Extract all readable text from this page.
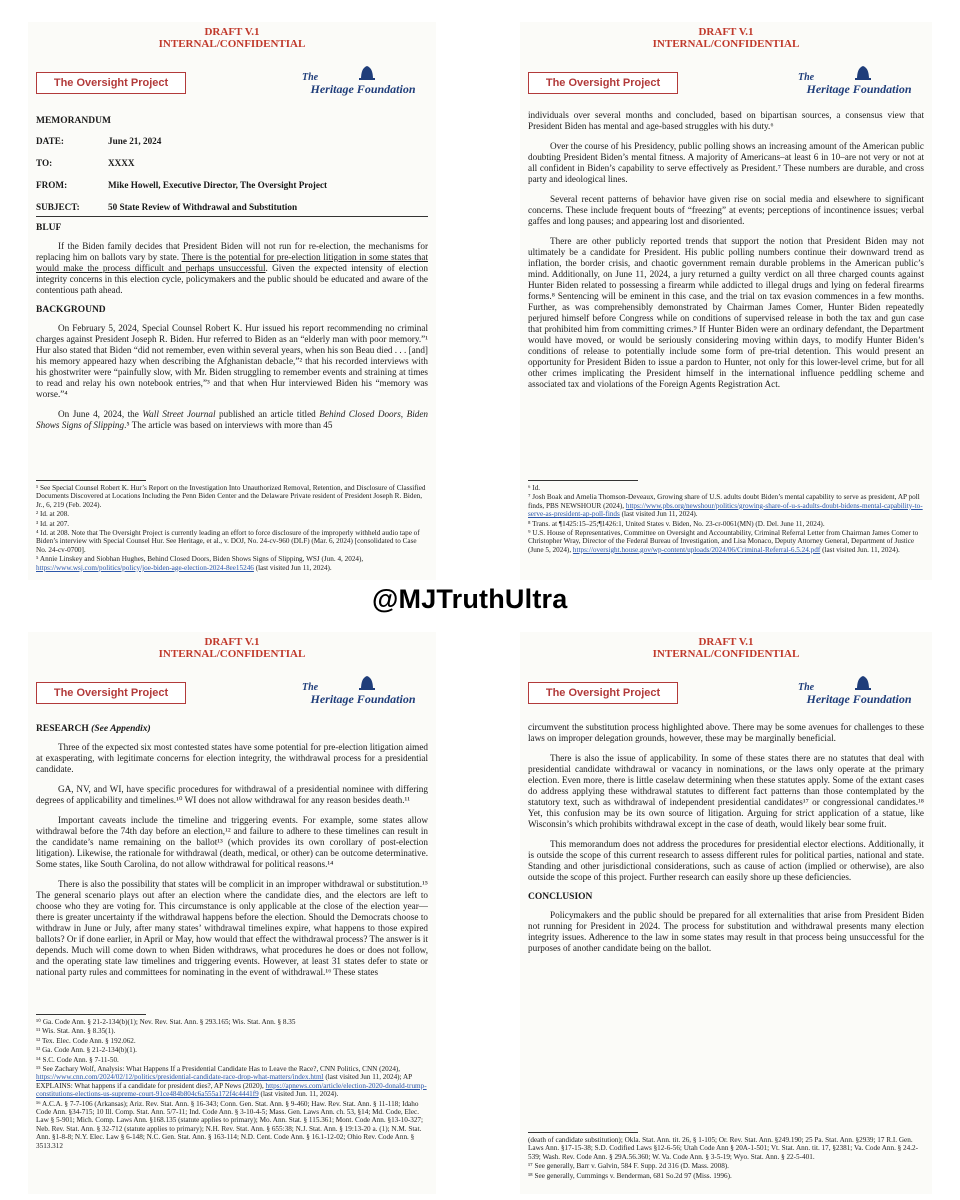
DRAFT V.1
INTERNAL/CONFIDENTIAL
The Oversight Project	The
Heritage Foundation
MEMORANDUM
DATE:	June 21, 2024
TO:	XXXX
FROM:	Mike Howell, Executive Director, The Oversight Project
SUBJECT:	50 State Review of Withdrawal and Substitution
BLUF

If the Biden family decides that President Biden will not run for re-election, the mechanisms for replacing him on ballots vary by state. There is the potential for pre-election litigation in some states that would make the process difficult and perhaps unsuccessful. Given the expected intensity of election integrity concerns in this election cycle, policymakers and the public should be educated and aware of the contentious path ahead.

BACKGROUND

On February 5, 2024, Special Counsel Robert K. Hur issued his report recommending no criminal charges against President Joseph R. Biden. Hur referred to Biden as an “elderly man with poor memory.”¹ Hur also stated that Biden “did not remember, even within several years, when his son Beau died . . . [and] his memory appeared hazy when describing the Afghanistan debacle,”² that his recorded interviews with his ghostwriter were “painfully slow, with Mr. Biden struggling to remember events and straining at times to read and relay his own notebook entries,”³ and that when Hur interviewed Biden his “memory was worse.”⁴

On June 4, 2024, the Wall Street Journal published an article titled Behind Closed Doors, Biden Shows Signs of Slipping.⁵ The article was based on interviews with more than 45

¹ See Special Counsel Robert K. Hur’s Report on the Investigation Into Unauthorized Removal, Retention, and Disclosure of Classified Documents Discovered at Locations Including the Penn Biden Center and the Delaware Private resident of President Joseph R. Biden, Jr., 6, 219 (Feb. 2024).
² Id. at 208.
³ Id. at 207.
⁴ Id. at 208. Note that The Oversight Project is currently leading an effort to force disclosure of the improperly withheld audio tape of Biden’s interview with Special Counsel Hur. See Heritage, et al., v. DOJ, No. 24-cv-960 (DLF) (Mar. 6, 2024) [consolidated to Case No. 24-cv-0700].
⁵ Annie Linskey and Siobhan Hughes, Behind Closed Doors, Biden Shows Signs of Slipping, WSJ (Jun. 4, 2024), https://www.wsj.com/politics/policy/joe-biden-age-election-2024-8ee15246 (last visited Jun 11, 2024).
DRAFT V.1
INTERNAL/CONFIDENTIAL
The Oversight Project	The
Heritage Foundation

individuals over several months and concluded, based on bipartisan sources, a consensus view that President Biden has mental and age-based struggles with his duty.⁶

Over the course of his Presidency, public polling shows an increasing amount of the American public doubting President Biden’s mental fitness. A majority of Americans–at least 6 in 10–are not very or not at all confident in Biden’s capability to serve effectively as President.⁷ These numbers are durable, and cross party and ideological lines.

Several recent patterns of behavior have given rise on social media and elsewhere to significant concerns. These include frequent bouts of “freezing” at events; perceptions of incontinence issues; verbal gaffes and long pauses; and appearing lost and disoriented.

There are other publicly reported trends that support the notion that President Biden may not ultimately be a candidate for President. His public polling numbers continue their downward trend as inflation, the border crisis, and chaotic government remain durable problems in the American public’s mind. Additionally, on June 11, 2024, a jury returned a guilty verdict on all three charged counts against Hunter Biden related to possessing a firearm while addicted to illegal drugs and lying on federal firearms forms.⁸ Sentencing will be eminent in this case, and the trial on tax evasion commences in a few months. Further, as was comprehensibly demonstrated by Chairman James Comer, Hunter Biden repeatedly perjured himself before Congress while on conditions of supervised release in both the tax and gun case that prohibited him from committing crimes.⁹ If Hunter Biden were an ordinary defendant, the Department would have moved, or would be seriously considering moving within days, to modify Hunter Biden’s conditions of release to potentially include some form of pre-trial detention. This would present an opportunity for President Biden to issue a pardon to Hunter, not only for this lower-level crime, but for all other crimes implicating the President himself in the international influence peddling scheme and associated tax and violations of the Foreign Agents Registration Act.

⁶ Id.
⁷ Josh Boak and Amelia Thomson-Deveaux, Growing share of U.S. adults doubt Biden’s mental capability to serve as president, AP poll finds, PBS NEWSHOUR (2024), https://www.pbs.org/newshour/politics/growing-share-of-u-s-adults-doubt-bidens-mental-capability-to-serve-as-president-ap-poll-finds (last visited Jun 11, 2024).
⁸ Trans. at ¶1425:15–25;¶1426:1, United States v. Biden, No. 23-cr-0061(MN) (D. Del. June 11, 2024).
⁹ U.S. House of Representatives, Committee on Oversight and Accountability, Criminal Referral Letter from Chairman James Comer to Christopher Wray, Director of the Federal Bureau of Investigation, and Lisa Monaco, Deputy Attorney General, Department of Justice (June 5, 2024), https://oversight.house.gov/wp-content/uploads/2024/06/Criminal-Referral-6.5.24.pdf (last visited Jun. 11, 2024).
@MJTruthUltra
DRAFT V.1
INTERNAL/CONFIDENTIAL
The Oversight Project	The
Heritage Foundation
RESEARCH (See Appendix)

Three of the expected six most contested states have some potential for pre-election litigation aimed at exasperating, with legitimate concerns for election integrity, the withdrawal process for a presidential candidate.

GA, NV, and WI, have specific procedures for withdrawal of a presidential nominee with differing degrees of applicability and timelines.¹⁰ WI does not allow withdrawal for any reason besides death.¹¹

Important caveats include the timeline and triggering events. For example, some states allow withdrawal before the 74th day before an election,¹² and failure to adhere to these timelines can result in the candidate’s name remaining on the ballot¹³ (which provides its own corollary of post-election litigation). Likewise, the rationale for withdrawal (death, medical, or other) can be outcome determinative. Some states, like South Carolina, do not allow withdrawal for political reasons.¹⁴

There is also the possibility that states will be complicit in an improper withdrawal or substitution.¹⁵ The general scenario plays out after an election where the candidate dies, and the electors are left to choose who they are voting for. This circumstance is only applicable at the close of the election year—there is greater uncertainty if the withdrawal happens before the election. Should the Democrats choose to withdraw in June or July, after many states’ withdrawal timelines expire, what happens to those expired ballots? Or if done earlier, in April or May, how would that effect the withdrawal process? The answer is it depends. Much will come down to when Biden withdraws, what procedures he does or does not follow, and the operating state law timelines and triggering events. However, at least 31 states defer to state or national party rules and committees for nominating in the event of withdrawal.¹⁶ These states

¹⁰ Ga. Code Ann. § 21-2-134(b)(1); Nev. Rev. Stat. Ann. § 293.165; Wis. Stat. Ann. § 8.35
¹¹ Wis. Stat. Ann. § 8.35(1).
¹² Tex. Elec. Code Ann. § 192.062.
¹³ Ga. Code Ann. § 21-2-134(b)(1).
¹⁴ S.C. Code Ann. § 7-11-50.
¹⁵ See Zachary Wolf, Analysis: What Happens If a Presidential Candidate Has to Leave the Race?, CNN Politics, CNN (2024), https://www.cnn.com/2024/02/12/politics/presidential-candidate-race-drop-what-matters/index.html (last visited Jun 11, 2024); AP EXPLAINS: What happens if a candidate for president dies?, AP News (2020), https://apnews.com/article/election-2020-donald-trump-constitutions-elections-us-supreme-court-91ce484b804c6a555a172f4c4441f9 (last visited Jun. 11, 2024).
¹⁶ A.C.A. § 7-7-106 (Arkansas); Ariz. Rev. Stat. Ann. § 16-343; Conn. Gen. Stat. Ann. § 9-460; Haw. Rev. Stat. Ann. § 11-118; Idaho Code Ann. §34-715; 10 Ill. Comp. Stat. Ann. 5/7-11; Ind. Code Ann. § 3-10-4-5; Mass. Gen. Laws Ann. ch. 53, §14; Md. Code, Elec. Law § 5-901; Mich. Comp. Laws Ann. §168.135 (statute applies to primary); Mo. Ann. Stat. § 115.361; Mont. Code Ann. §13-10-327; Neb. Rev. Stat. Ann. § 32-712 (statute applies to primary); N.H. Rev. Stat. Ann. § 655:38; N.J. Stat. Ann. § 19:13-20 a. (1); N.M. Stat. Ann. §1-8-8; N.Y. Elec. Law § 6-148; N.C. Gen. Stat. Ann. § 163-114; N.D. Cent. Code Ann. § 16.1-12-02; Ohio Rev. Code Ann. § 3513.312
DRAFT V.1
INTERNAL/CONFIDENTIAL
The Oversight Project	The
Heritage Foundation

circumvent the substitution process highlighted above. There may be some avenues for challenges to these laws on improper delegation grounds, however, these may be marginally beneficial.

There is also the issue of applicability. In some of these states there are no statutes that deal with presidential candidate withdrawal or vacancy in nominations, or the laws only operate at the primary election. Even more, there is little caselaw determining when these statutes apply. Some of the extant cases do address applying these withdrawal statutes to different fact patterns than those contemplated by the statutory text, such as withdrawal of independent presidential candidates¹⁷ or congressional candidates.¹⁸ Yet, this confusion may be its own source of litigation. Arguing for strict application of a statue, like Wisconsin’s which prohibits withdrawal except in the case of death, would likely bear some fruit.

This memorandum does not address the procedures for presidential elector elections. Additionally, it is outside the scope of this current research to assess different rules for political parties, national and state. Standing and other jurisdictional considerations, such as cause of action (implied or otherwise), are also outside the scope of this project. Further research can easily shore up these deficiencies.

CONCLUSION

Policymakers and the public should be prepared for all externalities that arise from President Biden not running for President in 2024. The process for substitution and withdrawal presents many election integrity issues. Adherence to the law in some states may result in that process being unsuccessful for the purposes of another candidate being on the ballot.

(death of candidate substitution); Okla. Stat. Ann. tit. 26, § 1-105; Or. Rev. Stat. Ann. §249.190; 25 Pa. Stat. Ann. §2939; 17 R.I. Gen. Laws Ann. §17-15-38; S.D. Codified Laws §12-6-56; Utah Code Ann § 20A-1-501; Vt. Stat. Ann. tit. 17, §2381; Va. Code Ann. § 24.2-539; Wash. Rev. Code Ann. § 29A.56.360; W. Va. Code Ann. § 3-5-19; Wyo. Stat. Ann. § 22-5-401.
¹⁷ See generally, Barr v. Galvin, 584 F. Supp. 2d 316 (D. Mass. 2008).
¹⁸ See generally, Cummings v. Benderman, 681 So.2d 97 (Miss. 1996).
